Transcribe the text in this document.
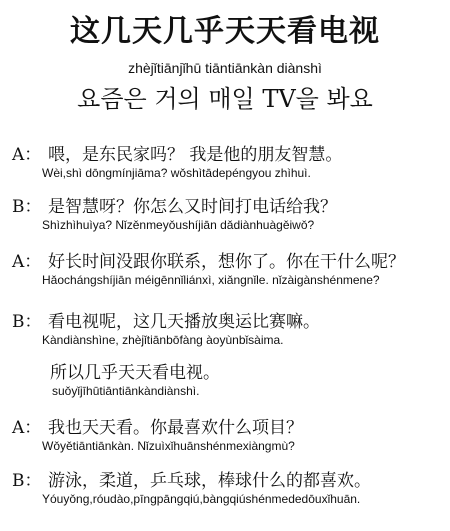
这几天几乎天天看电视
zhèjǐtiānjǐhū tiāntiānkàn diànshì
요즘은 거의 매일 TV을 봐요
A： 喂，是东民家吗？ 我是他的朋友智慧。
Wèi,shì dōngmínjiāma? wǒshìtādepéngyou zhìhuì.
B： 是智慧呀？你怎么又时间打电话给我？
Shìzhìhuìya? Nǐzěnmeyǒushíjiān dǎdiànhuàgěiwǒ?
A： 好长时间没跟你联系，想你了。你在干什么呢？
Hǎochángshíjiān méigēnnǐliánxì, xiǎngnǐle. nǐzàigànshénmene?
B： 看电视呢，这几天播放奥运比赛嘛。
Kàndiànshìne, zhèjǐtiānbōfàng àoyùnbǐsàima.
所以几乎天天看电视。
suǒyǐjīhūtiāntiānkàndiànshì.
A： 我也天天看。你最喜欢什么项目？
Wǒyětiāntiānkàn. Nǐzuìxǐhuānshénmexiàngmù?
B： 游泳，柔道，乒乓球，棒球什么的都喜欢。
Yóuyǒng,róudào,pīngpāngqiú,bàngqiúshénmededōuxǐhuān.
